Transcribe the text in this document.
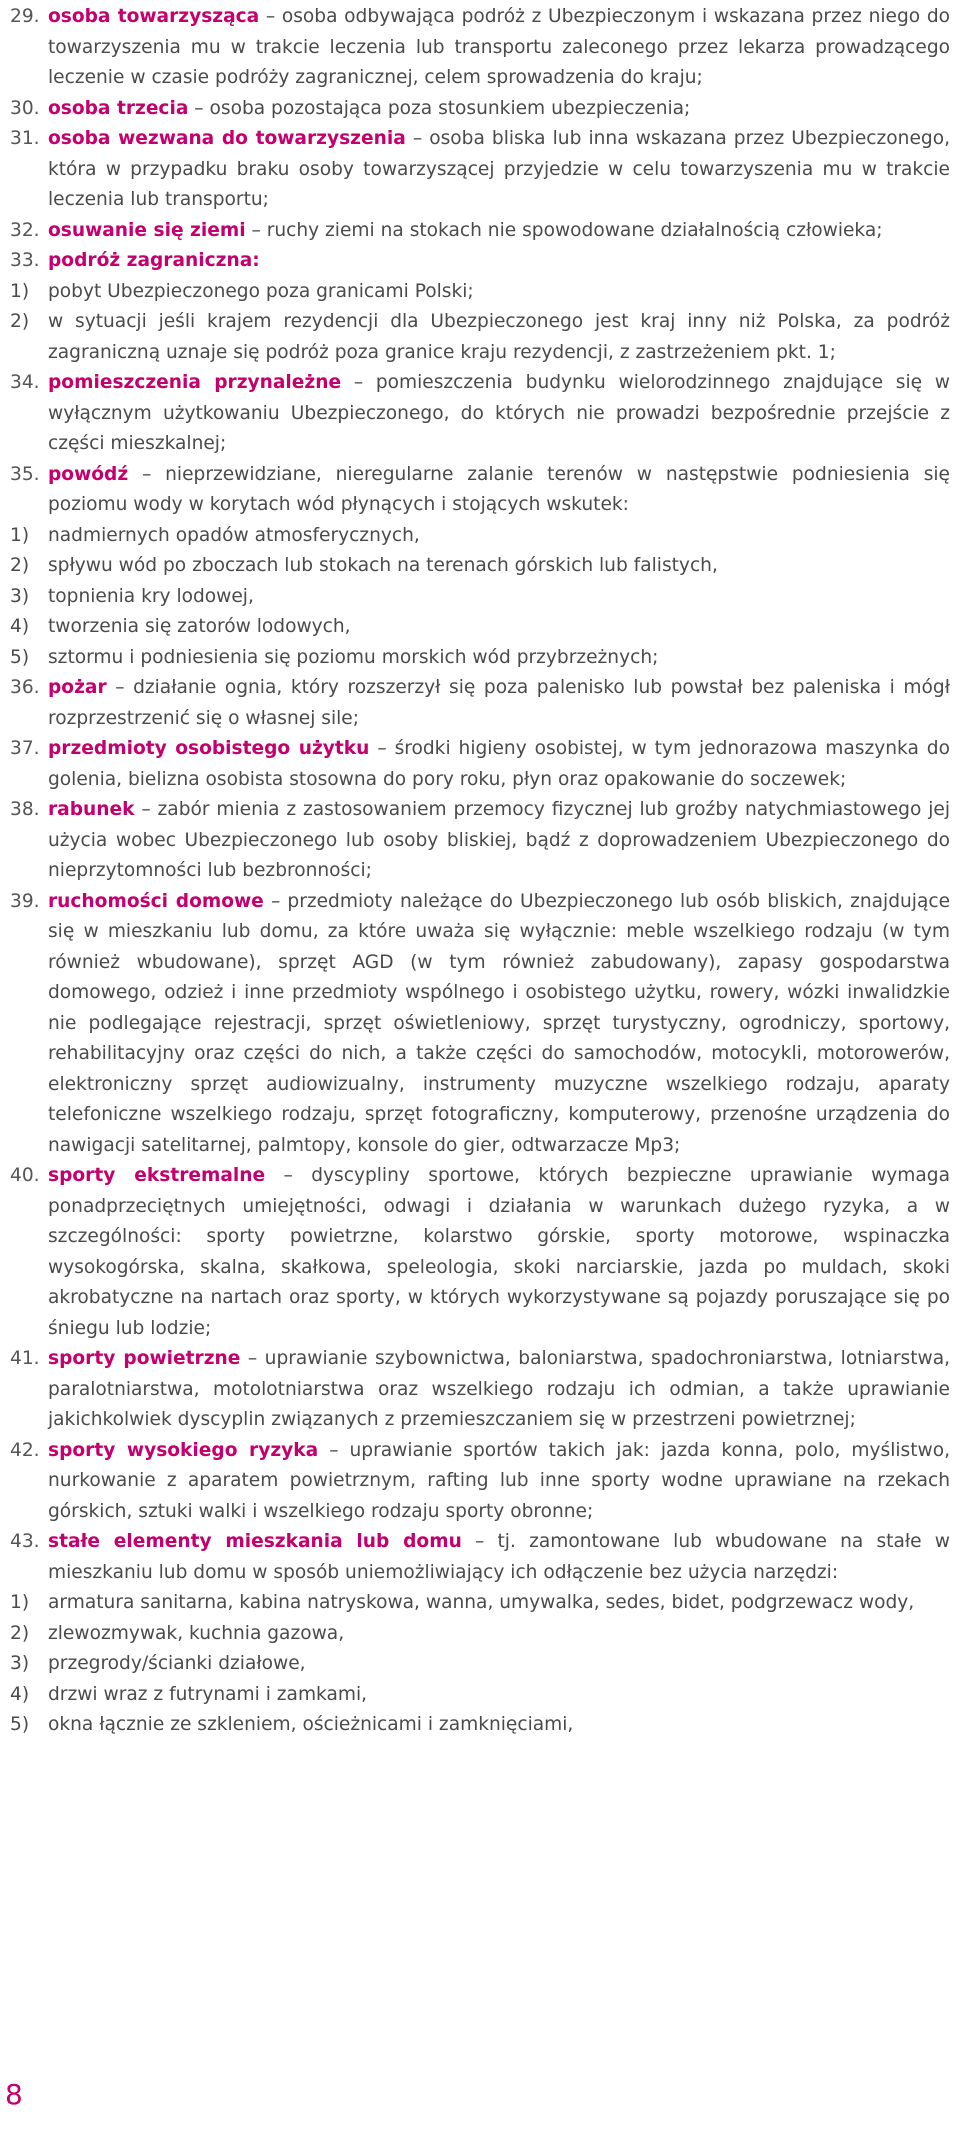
29. osoba towarzysząca – osoba odbywająca podróż z Ubezpieczonym i wskazana przez niego do towarzyszenia mu w trakcie leczenia lub transportu zaleconego przez lekarza prowadzącego leczenie w czasie podróży zagranicznej, celem sprowadzenia do kraju;
30. osoba trzecia – osoba pozostająca poza stosunkiem ubezpieczenia;
31. osoba wezwana do towarzyszenia – osoba bliska lub inna wskazana przez Ubezpieczonego, która w przypadku braku osoby towarzyszącej przyjedzie w celu towarzyszenia mu w trakcie leczenia lub transportu;
32. osuwanie się ziemi – ruchy ziemi na stokach nie spowodowane działalnością człowieka;
33. podróż zagraniczna:
1) pobyt Ubezpieczonego poza granicami Polski;
2) w sytuacji jeśli krajem rezydencji dla Ubezpieczonego jest kraj inny niż Polska, za podróż zagraniczną uznaje się podróż poza granice kraju rezydencji, z zastrzeżeniem pkt. 1;
34. pomieszczenia przynależne – pomieszczenia budynku wielorodzinnego znajdujące się w wyłącznym użytkowaniu Ubezpieczonego, do których nie prowadzi bezpośrednie przejście z części mieszkalnej;
35. powódź – nieprzewidziane, nieregularne zalanie terenów w następstwie podniesienia się poziomu wody w korytach wód płynących i stojących wskutek:
1) nadmiernych opadów atmosferycznych,
2) spływu wód po zboczach lub stokach na terenach górskich lub falistych,
3) topnienia kry lodowej,
4) tworzenia się zatorów lodowych,
5) sztormu i podniesienia się poziomu morskich wód przybrzeżnych;
36. pożar – działanie ognia, który rozszerzył się poza palenisko lub powstał bez paleniska i mógł rozprzestrzenić się o własnej sile;
37. przedmioty osobistego użytku – środki higieny osobistej, w tym jednorazowa maszynka do golenia, bielizna osobista stosowna do pory roku, płyn oraz opakowanie do soczewek;
38. rabunek – zabór mienia z zastosowaniem przemocy fizycznej lub groźby natychmiastowego jej użycia wobec Ubezpieczonego lub osoby bliskiej, bądź z doprowadzeniem Ubezpieczonego do nieprzytomności lub bezbronności;
39. ruchomości domowe – przedmioty należące do Ubezpieczonego lub osób bliskich, znajdujące się w mieszkaniu lub domu, za które uważa się wyłącznie: meble wszelkiego rodzaju (w tym również wbudowane), sprzęt AGD (w tym również zabudowany), zapasy gospodarstwa domowego, odzież i inne przedmioty wspólnego i osobistego użytku, rowery, wózki inwalidzkie nie podlegające rejestracji, sprzęt oświetleniowy, sprzęt turystyczny, ogrodniczy, sportowy, rehabilitacyjny oraz części do nich, a także części do samochodów, motocykli, motorowerów, elektroniczny sprzęt audiowizualny, instrumenty muzyczne wszelkiego rodzaju, aparaty telefoniczne wszelkiego rodzaju, sprzęt fotograficzny, komputerowy, przenośne urządzenia do nawigacji satelitarnej, palmtopy, konsole do gier, odtwarzacze Mp3;
40. sporty ekstremalne – dyscypliny sportowe, których bezpieczne uprawianie wymaga ponadprzeciętnych umiejętności, odwagi i działania w warunkach dużego ryzyka, a w szczególności: sporty powietrzne, kolarstwo górskie, sporty motorowe, wspinaczka wysokogórska, skalna, skałkowa, speleologia, skoki narciarskie, jazda po muldach, skoki akrobatyczne na nartach oraz sporty, w których wykorzystywane są pojazdy poruszające się po śniegu lub lodzie;
41. sporty powietrzne – uprawianie szybownictwa, baloniarstwa, spadochroniarstwa, lotniarstwa, paralotniarstwa, motolotniarstwa oraz wszelkiego rodzaju ich odmian, a także uprawianie jakichkolwiek dyscyplin związanych z przemieszczaniem się w przestrzeni powietrznej;
42. sporty wysokiego ryzyka – uprawianie sportów takich jak: jazda konna, polo, myślistwo, nurkowanie z aparatem powietrznym, rafting lub inne sporty wodne uprawiane na rzekach górskich, sztuki walki i wszelkiego rodzaju sporty obronne;
43. stałe elementy mieszkania lub domu – tj. zamontowane lub wbudowane na stałe w mieszkaniu lub domu w sposób uniemożliwiający ich odłączenie bez użycia narzędzi:
1) armatura sanitarna, kabina natryskowa, wanna, umywalka, sedes, bidet, podgrzewacz wody,
2) zlewozmywak, kuchnia gazowa,
3) przegrody/ścianki działowe,
4) drzwi wraz z futrynami i zamkami,
5) okna łącznie ze szkleniem, ościeżnicami i zamknięciami,
8
